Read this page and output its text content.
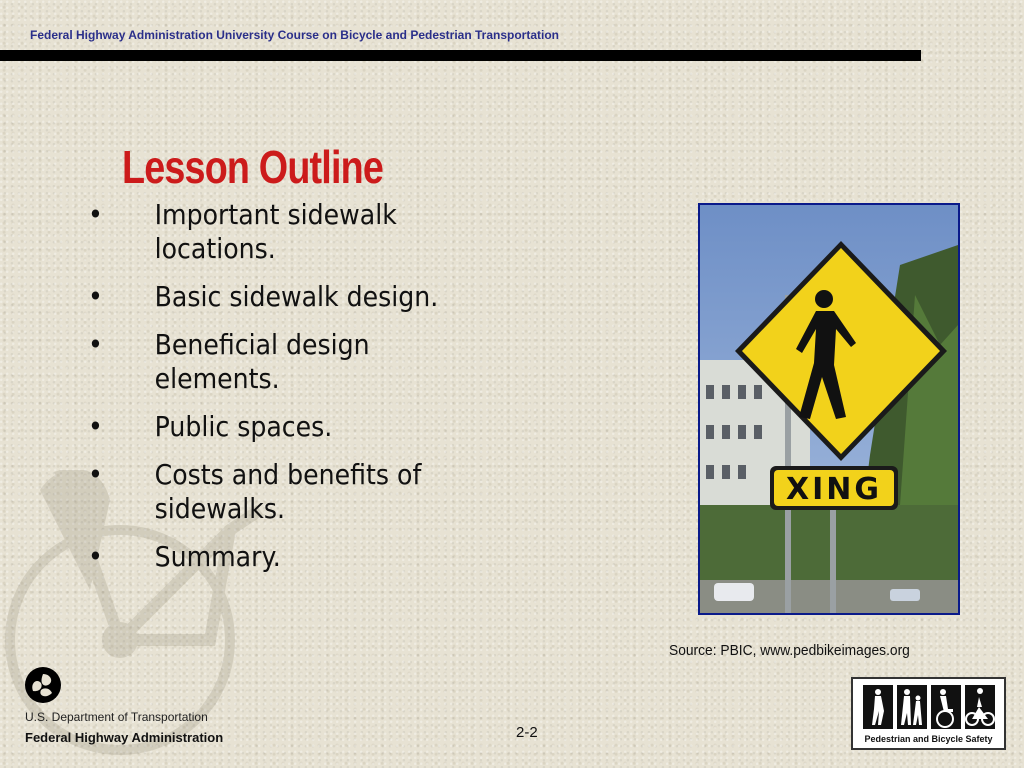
Federal Highway Administration University Course on Bicycle and Pedestrian Transportation
Lesson Outline
•	Important sidewalk locations.
•	Basic sidewalk design.
•	Beneficial design elements.
•	Public spaces.
•	Costs and benefits of sidewalks.
•	Summary.
XING
Source: PBIC, www.pedbikeimages.org
2-2
U.S. Department of Transportation
Federal Highway Administration	Pedestrian and Bicycle Safety
